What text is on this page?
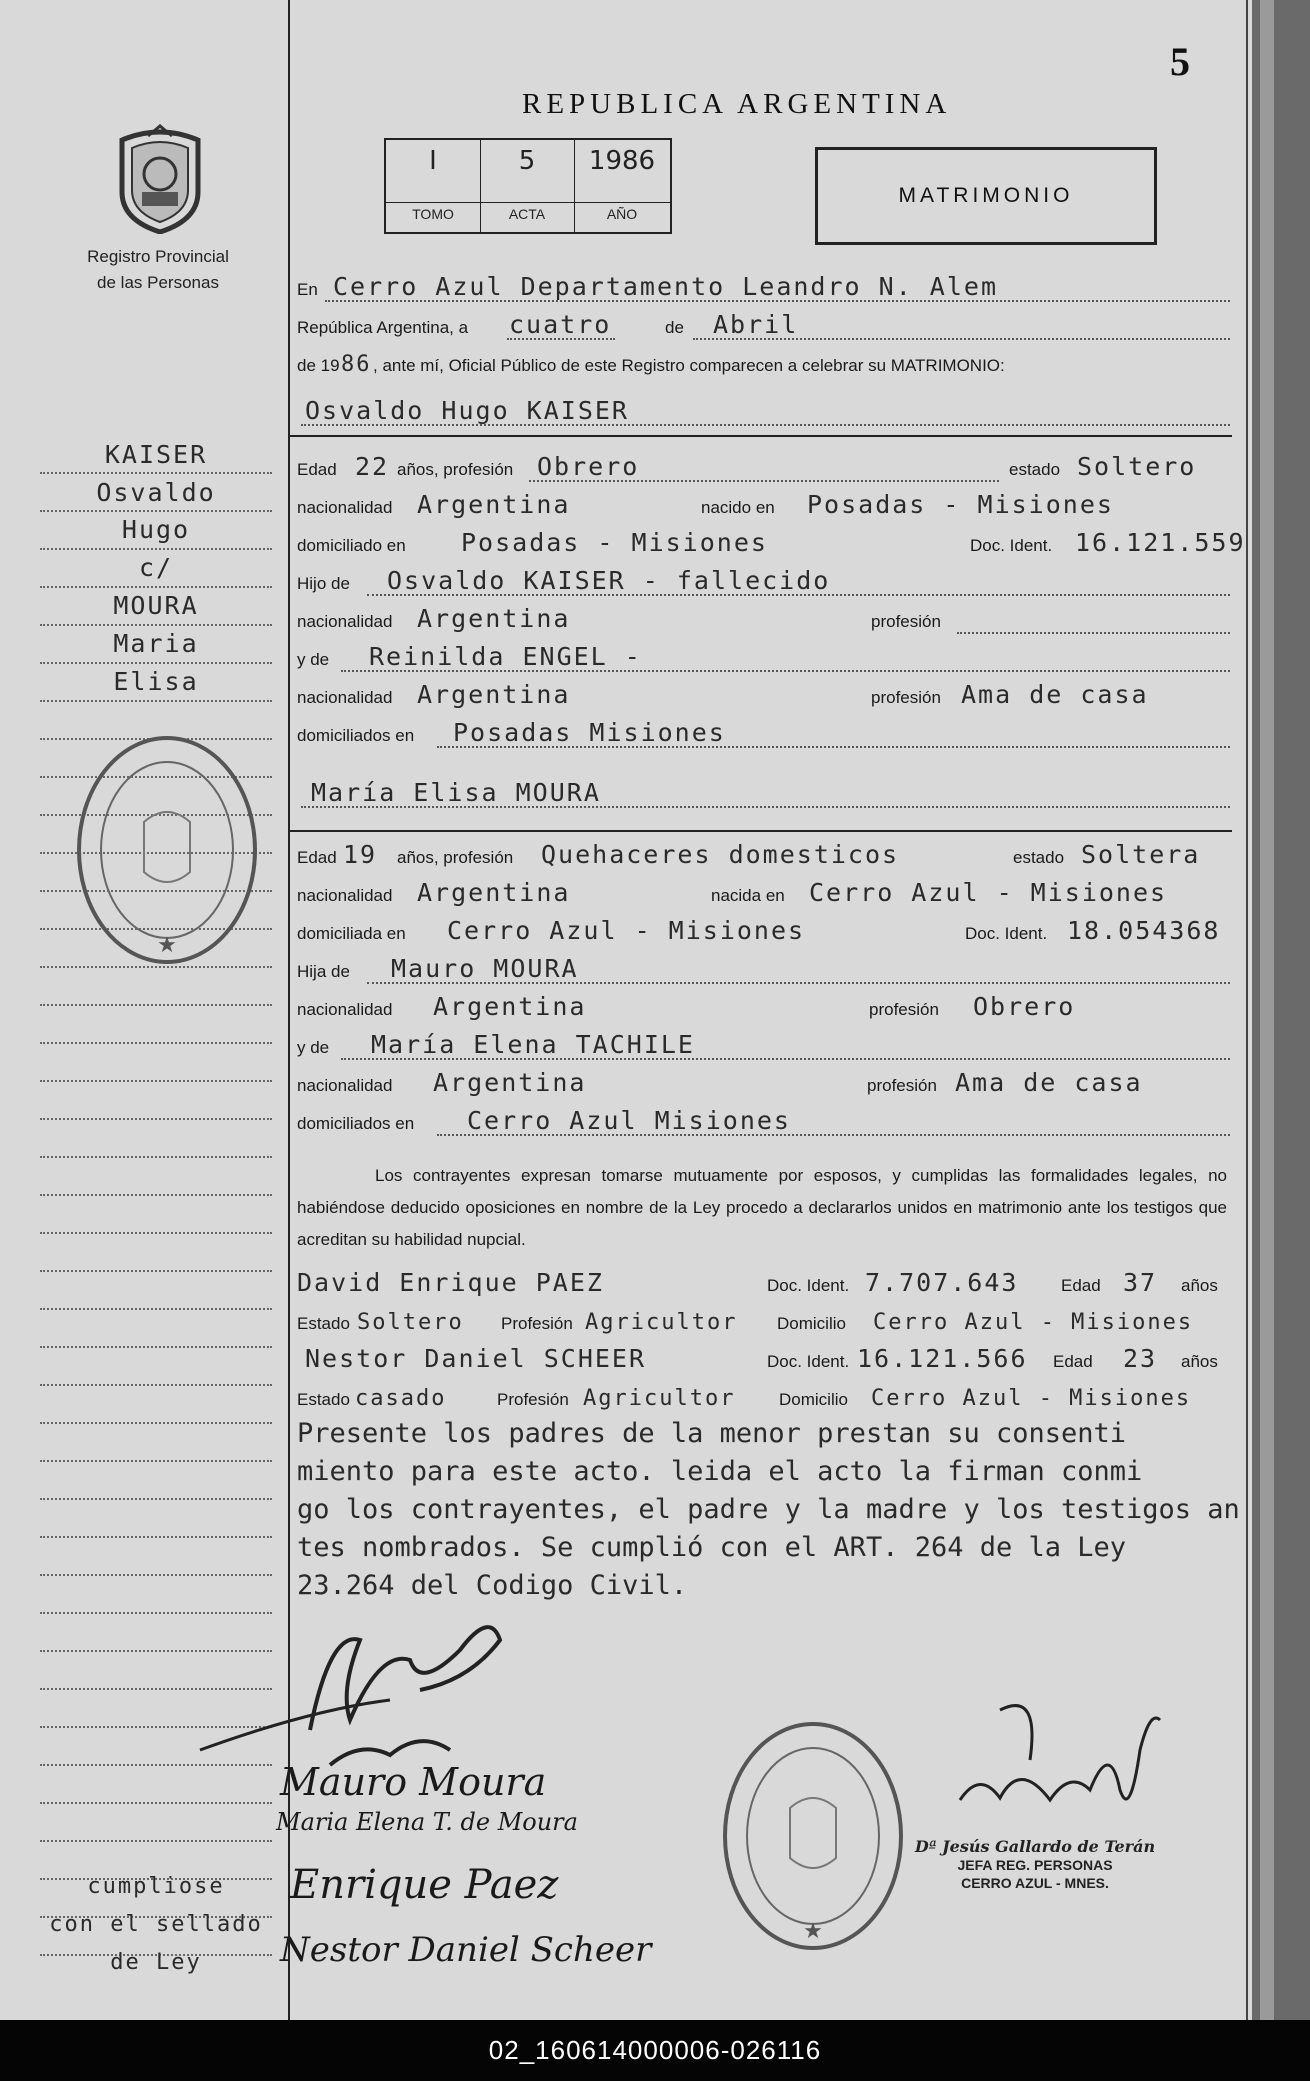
5
REPUBLICA ARGENTINA
Registro Provincial
de las Personas
I
TOMO
5
ACTA
1986
AÑO
MATRIMONIO
KAISER
Osvaldo
Hugo
c/
MOURA
Maria
Elisa
cumpliose
con el sellado
de Ley
★
En Cerro Azul Departamento Leandro N. Alem
República Argentina, a cuatro	de Abril
de 19 86 , ante mí, Oficial Público de este Registro comparecen a celebrar su MATRIMONIO:
Osvaldo Hugo KAISER
Edad 22 años, profesión Obrero	estado Soltero
nacionalidad Argentina	nacido en Posadas - Misiones
domiciliado en Posadas - Misiones	Doc. Ident. 16.121.559
Hijo de Osvaldo KAISER - fallecido
nacionalidad Argentina	profesión
y de Reinilda ENGEL -
nacionalidad Argentina	profesión Ama de casa
domiciliados en Posadas Misiones
María Elisa MOURA
Edad 19 años, profesión Quehaceres domesticos	estado Soltera
nacionalidad Argentina	nacida en Cerro Azul - Misiones
domiciliada en Cerro Azul - Misiones	Doc. Ident. 18.054368
Hija de Mauro MOURA
nacionalidad Argentina	profesión Obrero
y de María Elena TACHILE
nacionalidad Argentina	profesión Ama de casa
domiciliados en Cerro Azul Misiones
Los contrayentes expresan tomarse mutuamente por esposos, y cumplidas las formalidades legales, no habiéndose deducido oposiciones en nombre de la Ley procedo a declararlos unidos en matrimonio ante los testigos que acreditan su habilidad nupcial.
David Enrique PAEZ	Doc. Ident. 7.707.643	Edad 37 años
Estado Soltero Profesión Agricultor Domicilio Cerro Azul - Misiones
Nestor Daniel SCHEER	Doc. Ident. 16.121.566 Edad 23 años
Estado casado	Profesión Agricultor	Domicilio Cerro Azul - Misiones
Presente los padres de la menor prestan su consenti
miento para este acto. leida el acto la firman conmi
go los contrayentes, el padre y la madre y los testigos an
tes nombrados. Se cumplió con el ART. 264 de la Ley
23.264 del Codigo Civil.
Mauro Moura
Maria Elena T. de Moura
Enrique Paez
Nestor Daniel Scheer	★
Dª Jesús Gallardo de Terán
JEFA REG. PERSONAS
CERRO AZUL - MNES.
02_160614000006-026116
